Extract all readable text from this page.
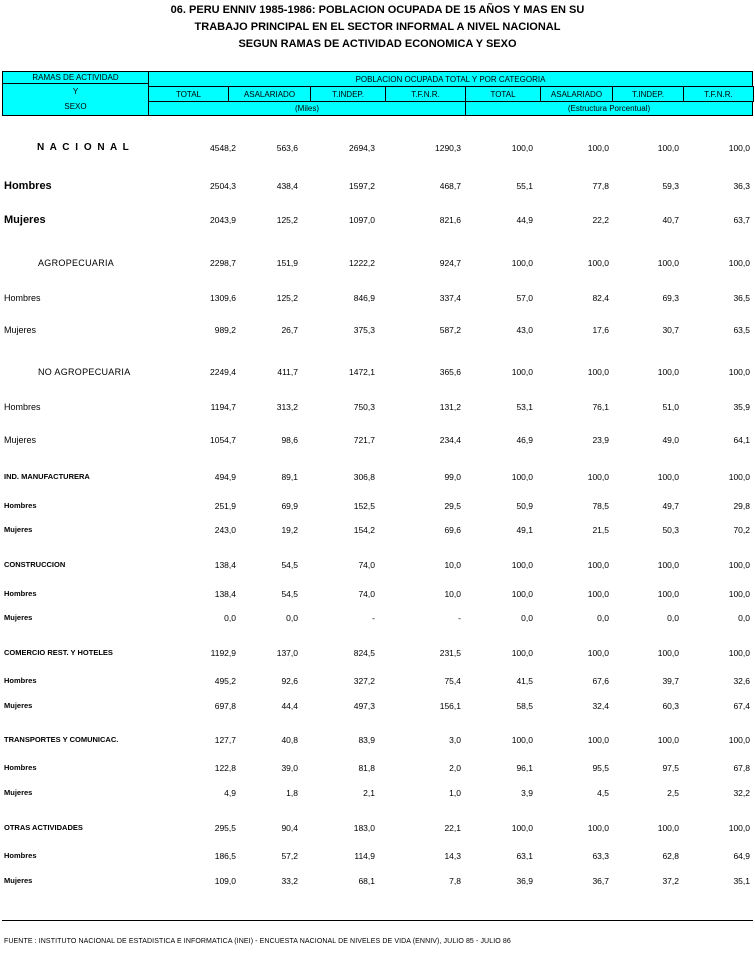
06. PERU ENNIV 1985-1986: POBLACION OCUPADA DE 15 AÑOS Y MAS EN SU
TRABAJO PRINCIPAL EN EL SECTOR INFORMAL A NIVEL NACIONAL
SEGUN RAMAS DE ACTIVIDAD ECONOMICA Y SEXO
RAMAS DE ACTIVIDAD
Y
SEXO
POBLACION OCUPADA TOTAL Y POR CATEGORIA
TOTAL	ASALARIADO	T.INDEP.	T.F.N.R.	TOTAL	ASALARIADO	T.INDEP.	T.F.N.R.
(Miles)	(Estructura Porcentual)
N A C I O N A L	4548,2	563,6	2694,3	1290,3	100,0	100,0	100,0	100,0
Hombres	2504,3	438,4	1597,2	468,7	55,1	77,8	59,3	36,3
Mujeres	2043,9	125,2	1097,0	821,6	44,9	22,2	40,7	63,7
AGROPECUARIA	2298,7	151,9	1222,2	924,7	100,0	100,0	100,0	100,0
Hombres	1309,6	125,2	846,9	337,4	57,0	82,4	69,3	36,5
Mujeres	989,2	26,7	375,3	587,2	43,0	17,6	30,7	63,5
NO AGROPECUARIA	2249,4	411,7	1472,1	365,6	100,0	100,0	100,0	100,0
Hombres	1194,7	313,2	750,3	131,2	53,1	76,1	51,0	35,9
Mujeres	1054,7	98,6	721,7	234,4	46,9	23,9	49,0	64,1
IND. MANUFACTURERA	494,9	89,1	306,8	99,0	100,0	100,0	100,0	100,0
Hombres	251,9	69,9	152,5	29,5	50,9	78,5	49,7	29,8
Mujeres	243,0	19,2	154,2	69,6	49,1	21,5	50,3	70,2
CONSTRUCCION	138,4	54,5	74,0	10,0	100,0	100,0	100,0	100,0
Hombres	138,4	54,5	74,0	10,0	100,0	100,0	100,0	100,0
Mujeres	0,0	0,0	-	-	0,0	0,0	0,0	0,0
COMERCIO REST. Y HOTELES	1192,9	137,0	824,5	231,5	100,0	100,0	100,0	100,0
Hombres	495,2	92,6	327,2	75,4	41,5	67,6	39,7	32,6
Mujeres	697,8	44,4	497,3	156,1	58,5	32,4	60,3	67,4
TRANSPORTES Y COMUNICAC.	127,7	40,8	83,9	3,0	100,0	100,0	100,0	100,0
Hombres	122,8	39,0	81,8	2,0	96,1	95,5	97,5	67,8
Mujeres	4,9	1,8	2,1	1,0	3,9	4,5	2,5	32,2
OTRAS ACTIVIDADES	295,5	90,4	183,0	22,1	100,0	100,0	100,0	100,0
Hombres	186,5	57,2	114,9	14,3	63,1	63,3	62,8	64,9
Mujeres	109,0	33,2	68,1	7,8	36,9	36,7	37,2	35,1
FUENTE : INSTITUTO NACIONAL DE ESTADISTICA E INFORMATICA (INEI) - ENCUESTA NACIONAL DE NIVELES DE VIDA (ENNIV), JULIO 85 - JULIO 86
